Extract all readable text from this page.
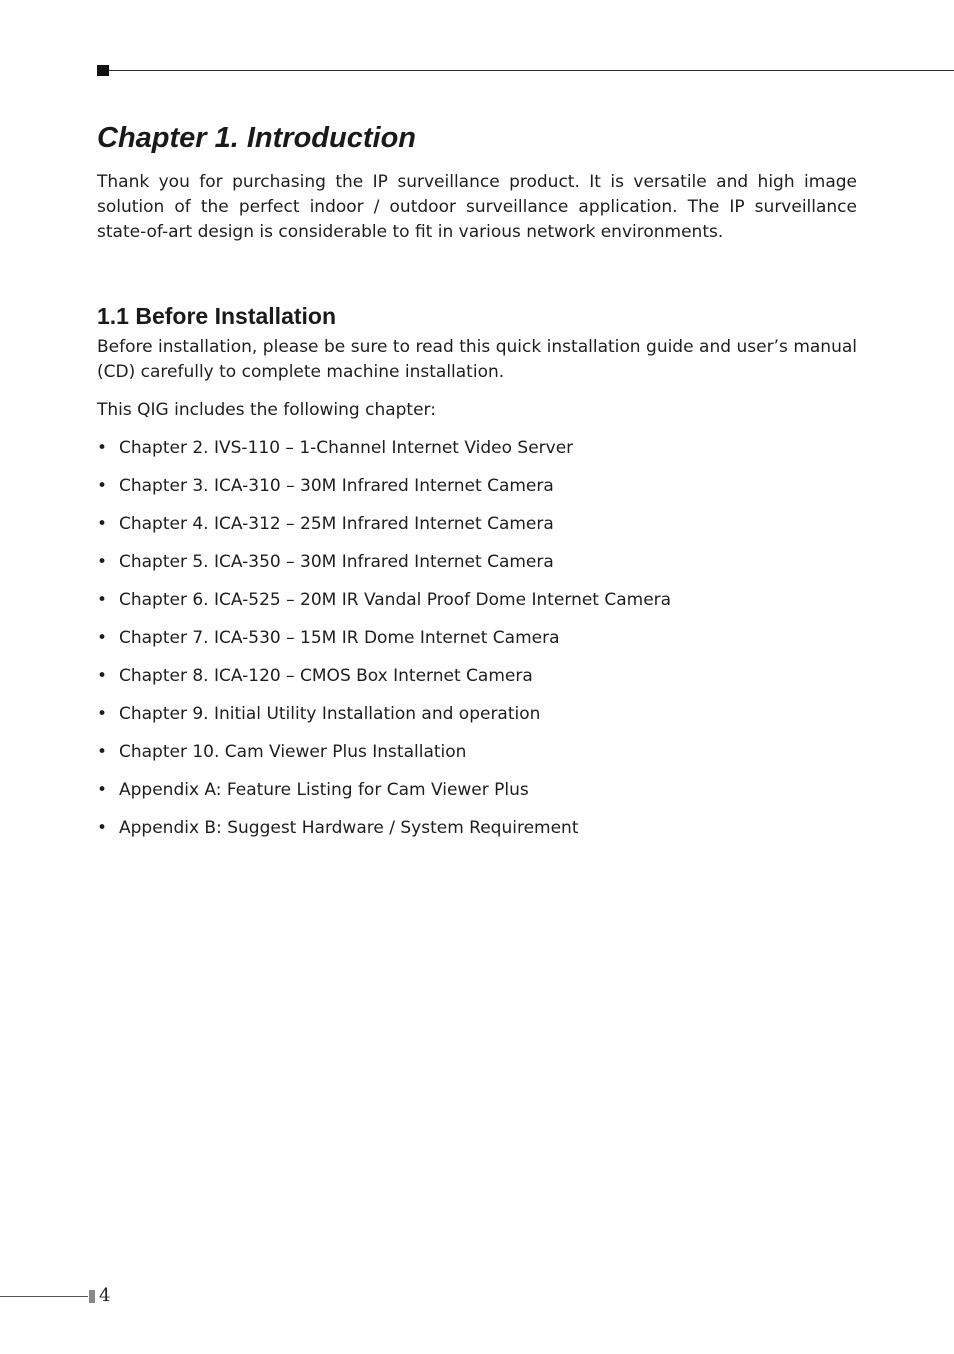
Chapter 1. Introduction

Thank you for purchasing the IP surveillance product. It is versatile and high image solution of the perfect indoor / outdoor surveillance application. The IP surveillance state-of-art design is considerable to fit in various network environments.

1.1 Before Installation

Before installation, please be sure to read this quick installation guide and user’s manual (CD) carefully to complete machine installation.

This QIG includes the following chapter:

• Chapter 2. IVS-110 – 1-Channel Internet Video Server
• Chapter 3. ICA-310 – 30M Infrared Internet Camera
• Chapter 4. ICA-312 – 25M Infrared Internet Camera
• Chapter 5. ICA-350 – 30M Infrared Internet Camera
• Chapter 6. ICA-525 – 20M IR Vandal Proof Dome Internet Camera
• Chapter 7. ICA-530 – 15M IR Dome Internet Camera
• Chapter 8. ICA-120 – CMOS Box Internet Camera
• Chapter 9. Initial Utility Installation and operation
• Chapter 10. Cam Viewer Plus Installation
• Appendix A: Feature Listing for Cam Viewer Plus
• Appendix B: Suggest Hardware / System Requirement
4
